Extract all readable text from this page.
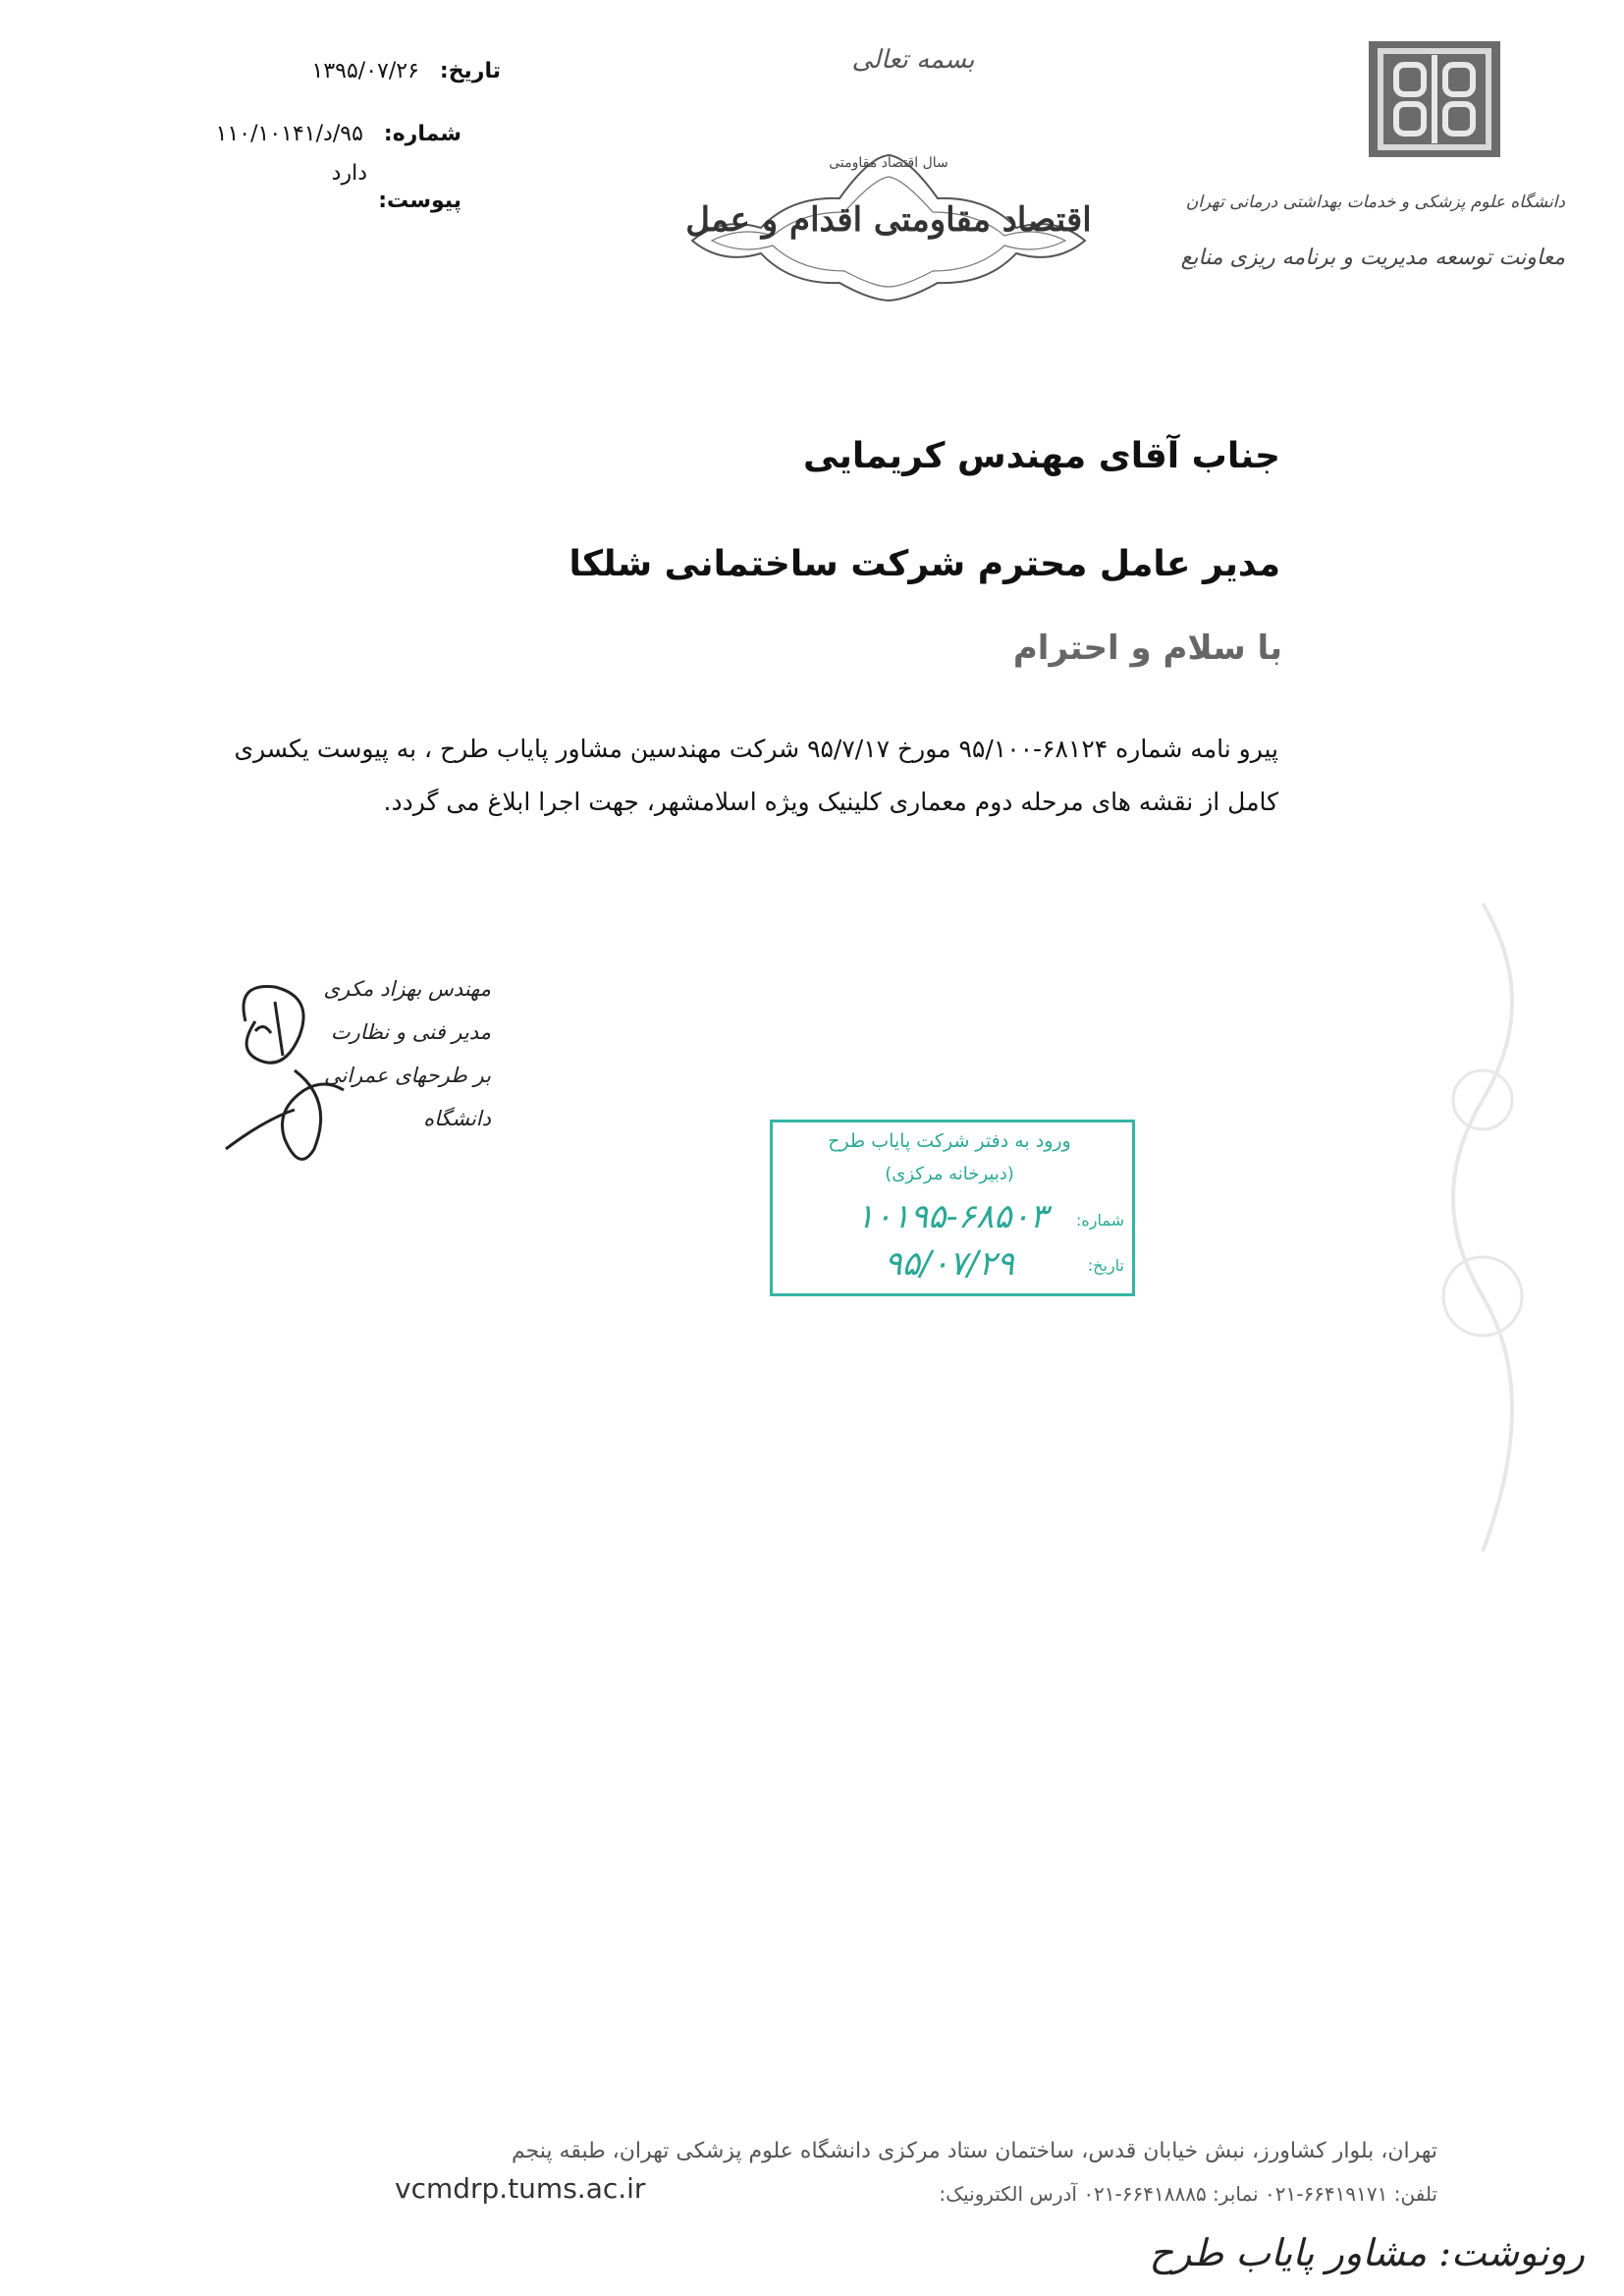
تاریخ: ۱۳۹۵/۰۷/۲۶
شماره: ۹۵/د/۱۱۰/۱۰۱۴۱
پیوست:
دارد
بسمه تعالی
سال اقتصاد مقاومتی
اقتصاد مقاومتی اقدام و عمل	دانشگاه علوم پزشکی و خدمات بهداشتی درمانی تهران
معاونت توسعه مدیریت و برنامه ریزی منابع
جناب آقای مهندس کریمایی
مدیر عامل محترم شرکت ساختمانی شلکا
با سلام و احترام

پیرو نامه شماره ۶۸۱۲۴-۹۵/۱۰۰ مورخ ۹۵/۷/۱۷ شرکت مهندسین مشاور پایاب طرح ، به پیوست یکسری

کامل از نقشه های مرحله دوم معماری کلینیک ویژه اسلامشهر، جهت اجرا ابلاغ می گردد.

مهندس بهزاد مکری
مدیر فنی و نظارت
بر طرحهای عمرانی دانشگاه
ورود به دفتر شرکت پایاب طرح
(دبیرخانه مرکزی)
شماره:
۱۰۱۹۵-۶۸۵۰۳
تاریخ:
۹۵/۰۷/۲۹
تهران، بلوار کشاورز، نبش خیابان قدس، ساختمان ستاد مرکزی دانشگاه علوم پزشکی تهران، طبقه پنجم
تلفن: ۶۶۴۱۹۱۷۱-۰۲۱ نمابر: ۶۶۴۱۸۸۸۵-۰۲۱ آدرس الکترونیک:
vcmdrp.tums.ac.ir
رونوشت: مشاور پایاب طرح
